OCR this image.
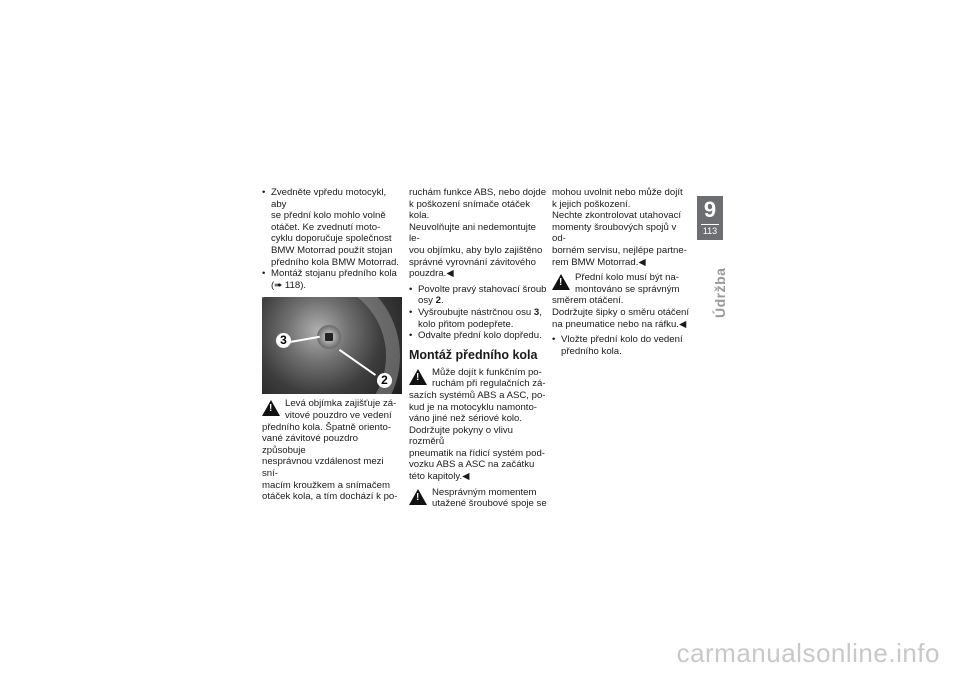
• Zvedněte vpředu motocykl, aby
se přední kolo mohlo volně
otáčet. Ke zvednutí moto-
cyklu doporučuje společnost
BMW Motorrad použít stojan
předního kola BMW Motorrad.
• Montáž stojanu předního kola
(➠ 118).
3
2
!	Levá objímka zajišťuje zá-
vitové pouzdro ve vedení
předního kola. Špatně oriento-
vané závitové pouzdro způsobuje
nesprávnou vzdálenost mezi sní-
macím kroužkem a snímačem
otáček kola, a tím dochází k po-
ruchám funkce ABS, nebo dojde
k poškození snímače otáček kola.
Neuvolňujte ani nedemontujte le-
vou objímku, aby bylo zajištěno
správné vyrovnání závitového
pouzdra.◀
• Povolte pravý stahovací šroub
osy 2.
• Vyšroubujte nástrčnou osu 3,
kolo přitom podepřete.
• Odvalte přední kolo dopředu.
Montáž předního kola
!	Může dojít k funkčním po-
ruchám při regulačních zá-
sazích systémů ABS a ASC, po-
kud je na motocyklu namonto-
váno jiné než sériové kolo.
Dodržujte pokyny o vlivu rozměrů
pneumatik na řídicí systém pod-
vozku ABS a ASC na začátku
této kapitoly.◀
!	Nesprávným momentem
utažené šroubové spoje se
mohou uvolnit nebo může dojít
k jejich poškození.
Nechte zkontrolovat utahovací
momenty šroubových spojů v od-
borném servisu, nejlépe partne-
rem BMW Motorrad.◀
!	Přední kolo musí být na-
montováno se správným
směrem otáčení.
Dodržujte šipky o směru otáčení
na pneumatice nebo na ráfku.◀
• Vložte přední kolo do vedení
předního kola.
9
113
Údržba
carmanualsonline.info
